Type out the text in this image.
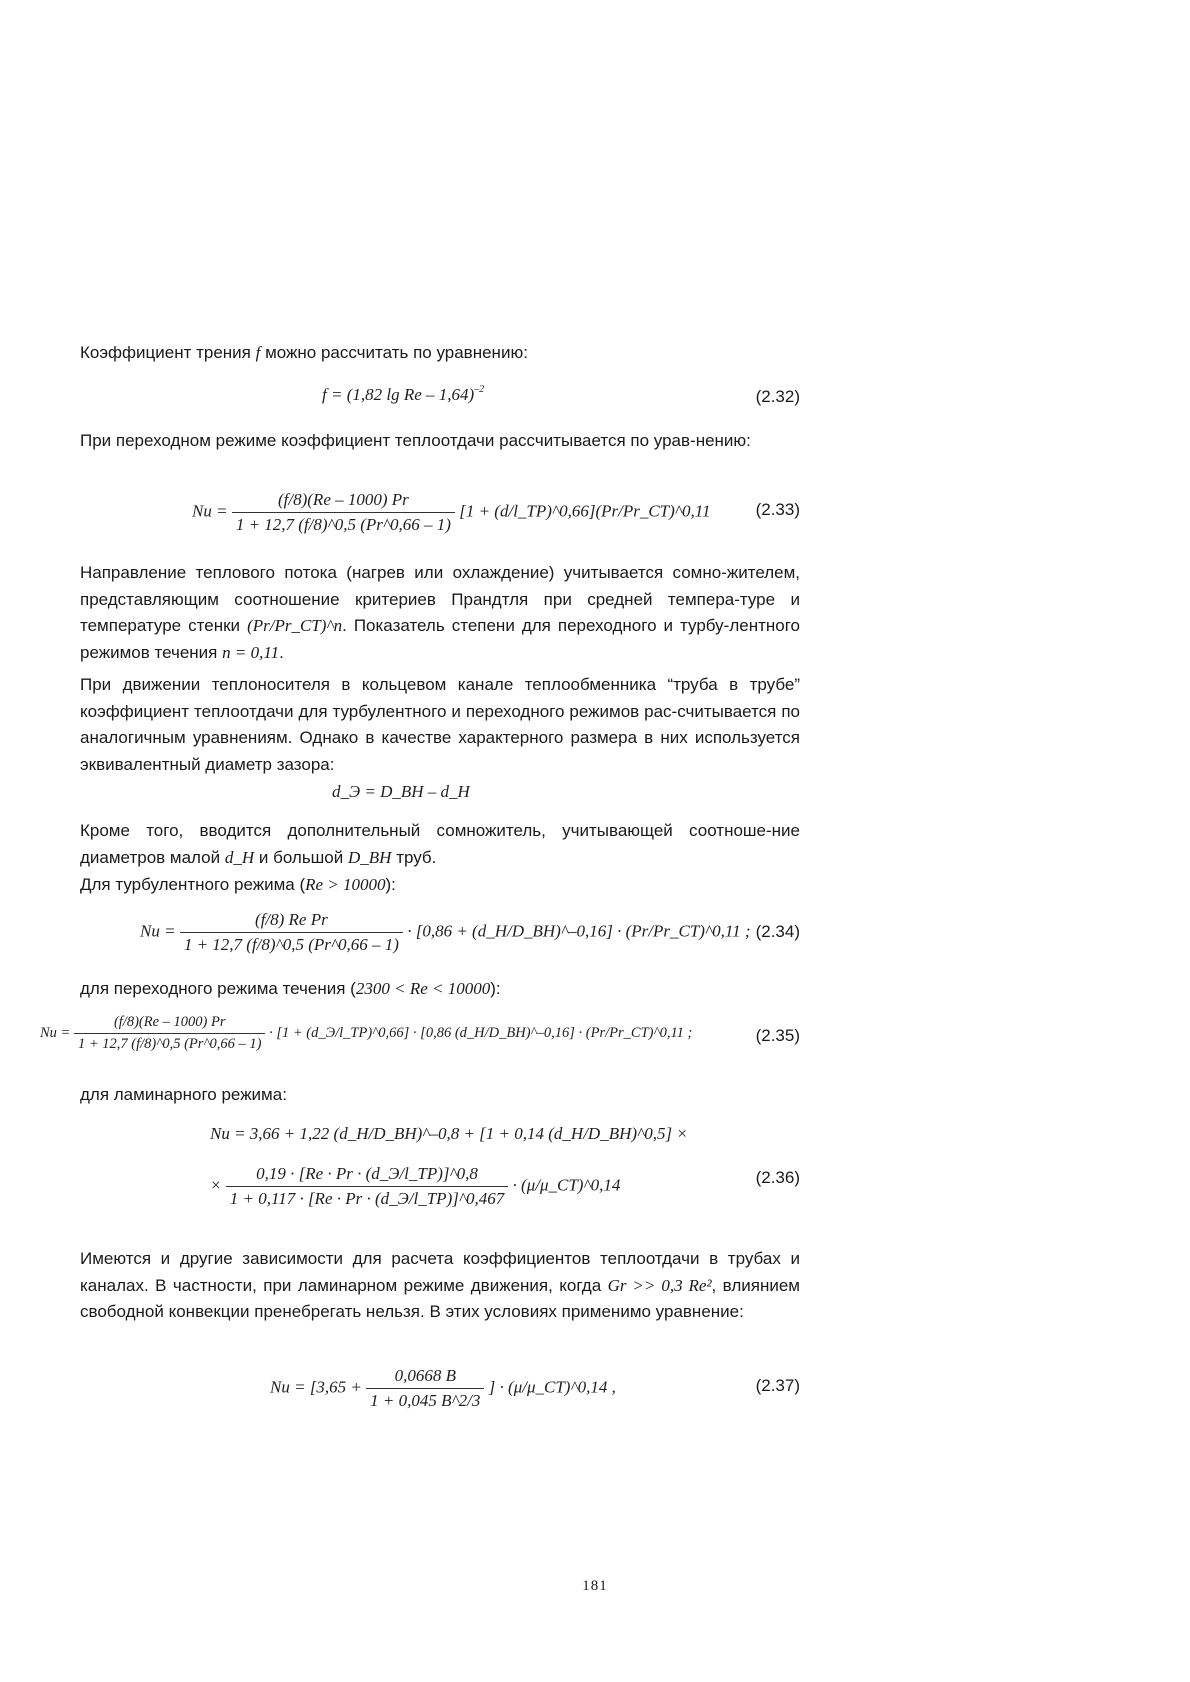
Коэффициент трения f можно рассчитать по уравнению:

f = (1,82 lg Re – 1,64)$^{-2}$	(2.32)

При переходном режиме коэффициент теплоотдачи рассчитывается по урав-нению:

$Nu = \frac{(f/8)(Re - 1000) Pr}{1 + 12,7 (f/8)\^{}0,5 (Pr\^{}0,66 - 1)} [1$ + (d/l_ТР)^0,66](Pr/Pr_СТ)^0,11	(2.33)

Направление теплового потока (нагрев или охлаждение) учитывается сомно-жителем, представляющим соотношение критериев Прандтля при средней темпера-туре и температуре стенки (Pr/Pr_СТ)^n. Показатель степени для переходного и турбу-лентного режимов течения n = 0,11.

При движении теплоносителя в кольцевом канале теплообменника “труба в трубе” коэффициент теплоотдачи для турбулентного и переходного режимов рас-считывается по аналогичным уравнениям. Однако в качестве характерного размера в них используется эквивалентный диаметр зазора:

d_Э = D_ВН – d_Н

Кроме того, вводится дополнительный сомножитель, учитывающей соотноше-ние диаметров малой d_Н и большой D_ВН труб.

Для турбулентного режима (Re > 10000):

$Nu = \frac{\text{(f/8) Re Pr}}{1 + 12,7 (f/8)\^{}0,5 (Pr\^{}0,66 - 1)} \cdot [0,86$ + (d_Н/D_ВН)^–0,16] · (Pr/Pr_СТ)^0,11 ; (2.34)

для переходного режима течения (2300 < Re < 10000):

$Nu = \frac{(f/8)(Re - 1000) Pr}{1 + 12,7 (f/8)\^{}0,5 (Pr\^{}0,66 - 1)} \cdot [1$ + (d_Э/l_ТР)^0,66] · [0,86 (d_Н/D_ВН)^–0,16] · (Pr/Pr_СТ)^0,11 ;	(2.35)

для ламинарного режима:

Nu = 3,66 + 1,22 (d_Н/D_ВН)^–0,8 + [1 + 0,14 (d_Н/D_ВН)^0,5] ×
× $\frac{0,19 \cdot [Re \cdot Pr \cdot (d\_Э/l\_ТР)]\^{}0,8}{1 + 0,117 \cdot [Re \cdot Pr \cdot (d\_Э/l\_ТР)]\^{}0,467}$ · (μ/μ_СТ)^0,14	(2.36)

Имеются и другие зависимости для расчета коэффициентов теплоотдачи в трубах и каналах. В частности, при ламинарном режиме движения, когда Gr >> 0,3 Re², влиянием свободной конвекции пренебрегать нельзя. В этих условиях применимо уравнение:

$Nu = [3,65 + \frac{0,0668 B}{1 + 0,045 B\^{}2/3}$ ] · (μ/μ_СТ)^0,14 ,	(2.37)
181
